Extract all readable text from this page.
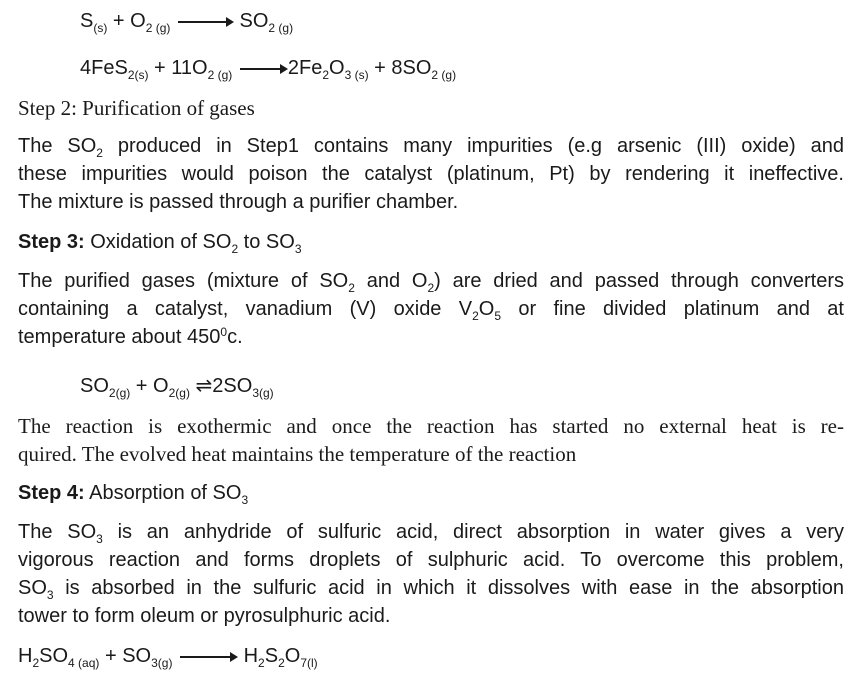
$S_{(s)} + O_{2 (g)}$	$SO_{2 (g)}$
$4FeS_{2(s)} + 11O_{2 (g)}$	$2Fe_2O_{3 (s)} + 8SO_{2 (g)}$
Step 2: Purification of gases
The $SO_2$ produced in Step1 contains many impurities (e.g arsenic (III) oxide) and
these impurities would poison the catalyst (platinum, Pt) by rendering it ineffective.
The mixture is passed through a purifier chamber.
Step 3: Oxidation of $SO_2$ to $SO_3$
The purified gases (mixture of $SO_2$ and $O_2$) are dried and passed through converters
containing a catalyst, vanadium (V) oxide $V_2O_5$ or fine divided platinum and at
temperature about $450^0c$.
$SO_{2(g)} + O_{2(g)}$ $\rightleftharpoons 2SO_{3(g)}$
The reaction is exothermic and once the reaction has started no external heat is re-
quired. The evolved heat maintains the temperature of the reaction
Step 4: Absorption of $SO_3$
The $SO_3$ is an anhydride of sulfuric acid, direct absorption in water gives a very
vigorous reaction and forms droplets of sulphuric acid. To overcome this problem,
$SO_3$ is absorbed in the sulfuric acid in which it dissolves with ease in the absorption
tower to form oleum or pyrosulphuric acid.
$H_2SO_{4 (aq)} + SO_{3(g)}$	$H_2S_2O_{7(l)}$
